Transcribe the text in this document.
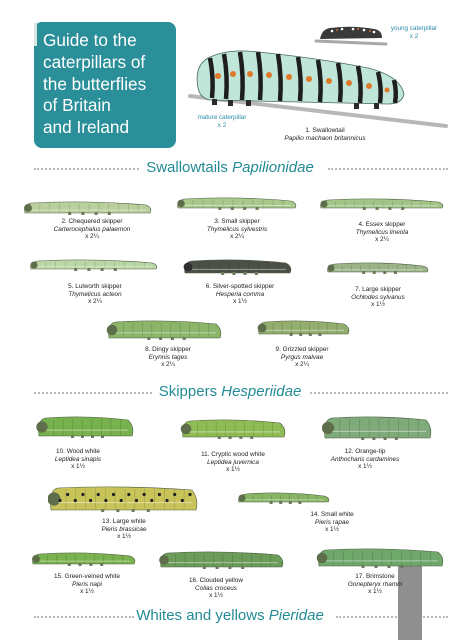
Guide to the
caterpillars of
the butterflies
of Britain
and Ireland
young caterpillar
x 2
mature caterpillar
x 2
1. Swallowtail
Papilio machaon britannicus
Swallowtails Papilionidae
Skippers Hesperiidae
Whites and yellows Pieridae
2. Chequered skipper
Carterocephalus palaemon
x 2¼
3. Small skipper
Thymelicus sylvestris
x 2¼
4. Essex skipper
Thymelicus lineola
x 2¼
5. Lulworth skipper
Thymelicus acteon
x 2¼
6. Silver-spotted skipper
Hesperia comma
x 1½
7. Large skipper
Ochlodes sylvanus
x 1½
8. Dingy skipper
Erynnis tages
x 2¼
9. Grizzled skipper
Pyrgus malvae
x 2¼
10. Wood white
Leptidea sinapis
x 1½
11. Cryptic wood white
Leptidea juvernica
x 1½
12. Orange-tip
Anthocharis cardamines
x 1½
13. Large white
Pieris brassicae
x 1½
14. Small white
Pieris rapae
x 1½
15. Green-veined white
Pieris napi
x 1½
16. Clouded yellow
Colias croceus
x 1½
17. Brimstone
Gonepteryx rhamni
x 1½
